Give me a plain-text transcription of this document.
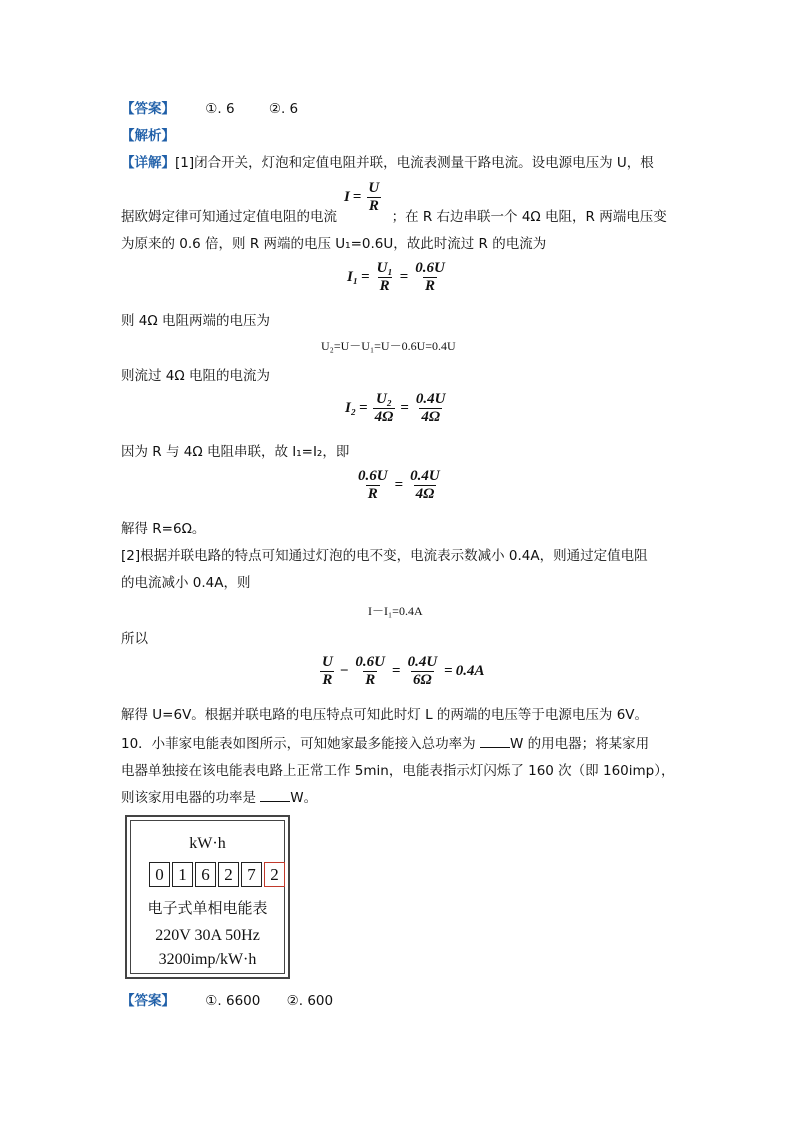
【答案】 ①. 6	②. 6
【解析】
【详解】[1]闭合开关，灯泡和定值电阻并联，电流表测量干路电流。设电源电压为 U，根
$I = \frac{U}{R}$
据欧姆定律可知通过定值电阻的电流	；在 R 右边串联一个 4Ω 电阻，R 两端电压变
为原来的 0.6 倍，则 R 两端的电压 U₁=0.6U，故此时流过 R 的电流为
$I_1 = \frac{\text{U₁}}{R} = \frac{0.6U}{R}$
则 4Ω 电阻两端的电压为
U₂=U－U₁=U－0.6U=0.4U
则流过 4Ω 电阻的电流为
$I_2 = \frac{\text{U₂}}{4\Omega} = \frac{0.4U}{4\Omega}$
因为 R 与 4Ω 电阻串联，故 I₁=I₂，即
$\frac{0.6U}{R} = \frac{0.4U}{4\Omega}$
解得 R=6Ω。
[2]根据并联电路的特点可知通过灯泡的电不变，电流表示数减小 0.4A，则通过定值电阻
的电流减小 0.4A，则
I－I₁=0.4A
所以
$\frac{U}{R} - \frac{0.6U}{R} = \frac{0.4U}{6\Omega} = 0.4A$
解得 U=6V。根据并联电路的电压特点可知此时灯 L 的两端的电压等于电源电压为 6V。
10．小菲家电能表如图所示，可知她家最多能接入总功率为	W 的用电器；将某家用
电器单独接在该电能表电路上正常工作 5min，电能表指示灯闪烁了 160 次（即 160imp），
则该家用电器的功率是	W。
kW·h
0 1 6 2 7 2
电子式单相电能表
220V 30A 50Hz
3200imp/kW·h
【答案】 ①. 6600 ②. 600
